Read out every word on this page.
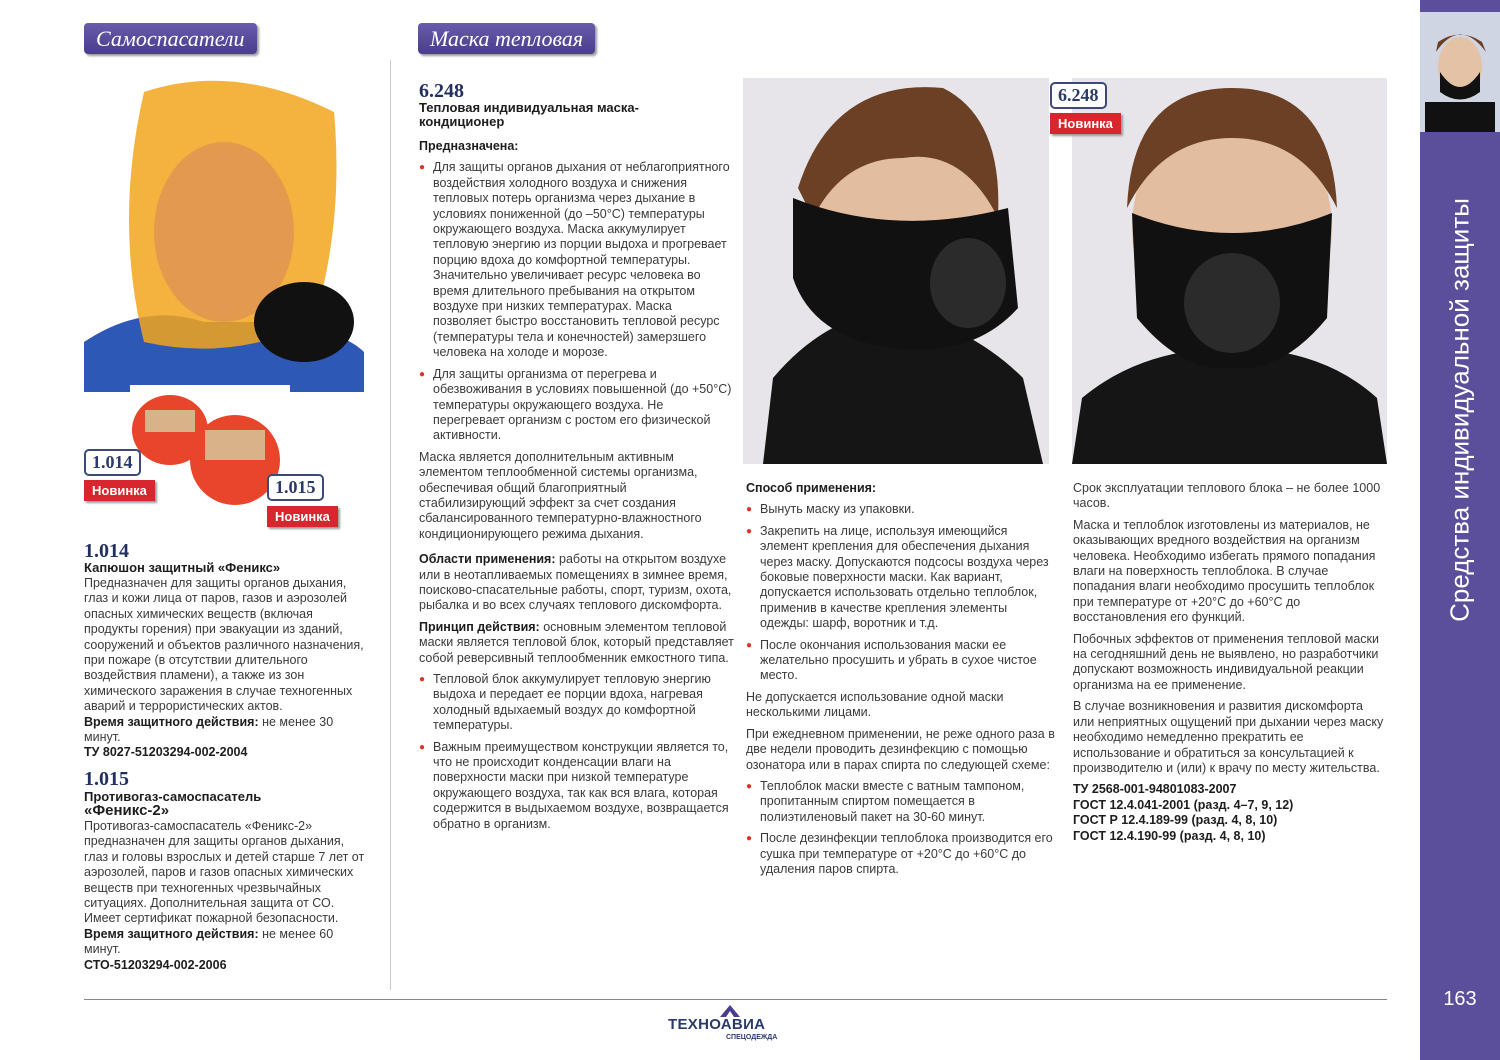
Средства индивидуальной защиты
163
Самоспасатели	Маска тепловая
1.014
Новинка	1.015
Новинка
1.014
Капюшон защитный «Феникс»
Предназначен для защиты органов дыхания, глаз и кожи лица от паров, газов и аэрозолей опасных химических веществ (включая продукты горения) при эвакуации из зданий, сооружений и объектов различного назначения, при пожаре (в отсутствии длительного воздействия пламени), а также из зон химического заражения в случае техногенных аварий и террористических актов.
Время защитного действия: не менее 30 минут.
ТУ 8027-51203294-002-2004
1.015
Противогаз-самоспасатель
«Феникс-2»
Противогаз-самоспасатель «Феникс-2» предназначен для защиты органов дыхания, глаз и головы взрослых и детей старше 7 лет от аэрозолей, паров и газов опасных химических веществ при техногенных чрезвычайных ситуациях. Дополнительная защита от СО. Имеет сертификат пожарной безопасности.
Время защитного действия: не менее 60 минут.
СТО-51203294-002-2006
6.248
Тепловая индивидуальная маска-кондиционер

Предназначена:

● Для защиты органов дыхания от неблагоприятного воздействия холодного воздуха и снижения тепловых потерь организма через дыхание в условиях пониженной (до –50°С) температуры окружающего воздуха. Маска аккумулирует тепловую энергию из порции выдоха и прогревает порцию вдоха до комфортной температуры. Значительно увеличивает ресурс человека во время длительного пребывания на открытом воздухе при низких температурах. Маска позволяет быстро восстановить тепловой ресурс (температуры тела и конечностей) замерзшего человека на холоде и морозе.
● Для защиты организма от перегрева и обезвоживания в условиях повышенной (до +50°С) температуры окружающего воздуха. Не перегревает организм с ростом его физической активности.

Маска является дополнительным активным элементом теплообменной системы организма, обеспечивая общий благоприятный стабилизирующий эффект за счет создания сбалансированного температурно-влажностного кондиционирующего режима дыхания.

Области применения: работы на открытом воздухе или в неотапливаемых помещениях в зимнее время, поисково-спасательные работы, спорт, туризм, охота, рыбалка и во всех случаях теплового дискомфорта.

Принцип действия: основным элементом тепловой маски является тепловой блок, который представляет собой реверсивный теплообменник емкостного типа.

● Тепловой блок аккумулирует тепловую энергию выдоха и передает ее порции вдоха, нагревая холодный вдыхаемый воздух до комфортной температуры.
● Важным преимуществом конструкции является то, что не происходит конденсации влаги на поверхности маски при низкой температуре окружающего воздуха, так как вся влага, которая содержится в выдыхаемом воздухе, возвращается обратно в организм.
6.248
Новинка

Способ применения:

● Вынуть маску из упаковки.
● Закрепить на лице, используя имеющийся элемент крепления для обеспечения дыхания через маску. Допускаются подсосы воздуха через боковые поверхности маски. Как вариант, допускается использовать отдельно теплоблок, применив в качестве крепления элементы одежды: шарф, воротник и т.д.
● После окончания использования маски ее желательно просушить и убрать в сухое чистое место.

Не допускается использование одной маски несколькими лицами.

При ежедневном применении, не реже одного раза в две недели проводить дезинфекцию с помощью озонатора или в парах спирта по следующей схеме:

● Теплоблок маски вместе с ватным тампоном, пропитанным спиртом помещается в полиэтиленовый пакет на 30-60 минут.
● После дезинфекции теплоблока производится его сушка при температуре от +20°С до +60°С до удаления паров спирта.

Срок эксплуатации теплового блока – не более 1000 часов.

Маска и теплоблок изготовлены из материалов, не оказывающих вредного воздействия на организм человека. Необходимо избегать прямого попадания влаги на поверхность теплоблока. В случае попадания влаги необходимо просушить теплоблок при температуре от +20°С до +60°С до восстановления его функций.

Побочных эффектов от применения тепловой маски на сегодняшний день не выявлено, но разработчики допускают возможность индивидуальной реакции организма на ее применение.

В случае возникновения и развития дискомфорта или неприятных ощущений при дыхании через маску необходимо немедленно прекратить ее использование и обратиться за консультацией к производителю и (или) к врачу по месту жительства.

ТУ 2568-001-94801083-2007
ГОСТ 12.4.041-2001 (разд. 4–7, 9, 12)
ГОСТ Р 12.4.189-99 (разд. 4, 8, 10)
ГОСТ 12.4.190-99 (разд. 4, 8, 10)
ТЕХНОАВИА
СПЕЦОДЕЖДА
